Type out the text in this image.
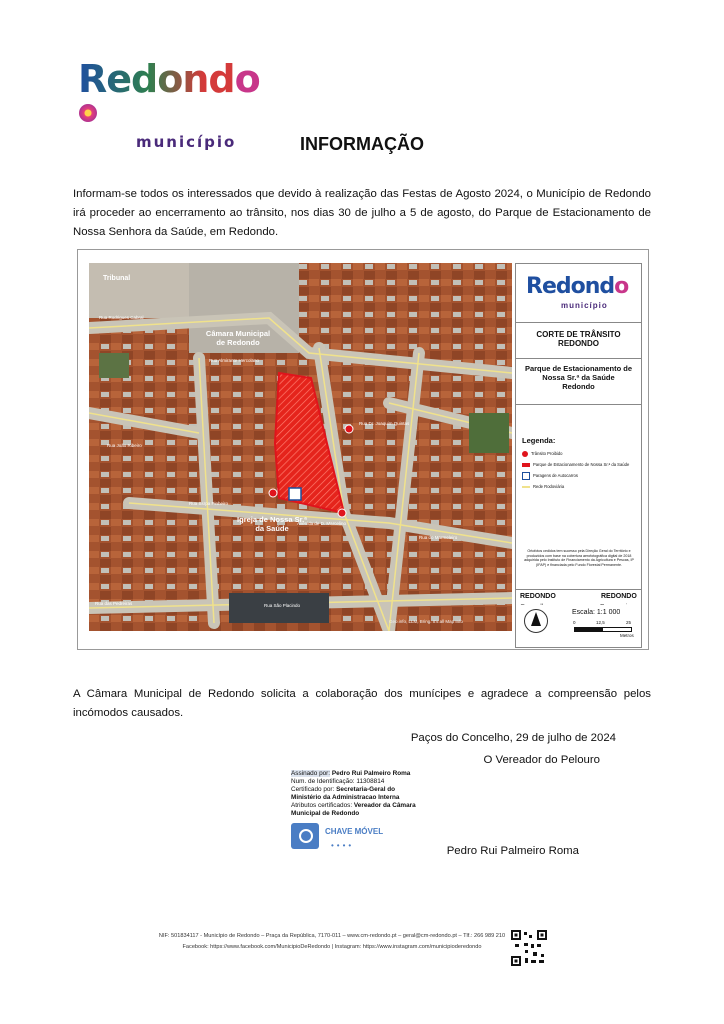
Redondo
município	INFORMAÇÃO
Informam-se todos os interessados que devido à realização das Festas de Agosto 2024, o Município de Redondo irá proceder ao encerramento ao trânsito, nos dias 30 de julho a 5 de agosto, do Parque de Estacionamento de Nossa Senhora da Saúde, em Redondo.
Tribunal
Câmara Municipal de Redondo
Igreja de Nossa Sr.ª da Saúde
Rua Almirante Hercolano
Rua Dr. Joaquim Quintas
Rua Ssrpa Pinheiro
Avenida de D. Marcelino
Rua do Marmeleiro
Rua das Pedreiras	Rua São Placindo
Rua Rodrigues Cabral
Rua João Ribeiro
Geo.info, LLM, Bring. It's all Map Info
Redondo
município
CORTE DE TRÂNSITO
REDONDO
Parque de Estacionamento de
Nossa Sr.ª da Saúde
Redondo
Legenda:
Trânsito Proibido
Parque de Estacionamento de Nossa Sr.ª da Saúde
Paragens de Autocarros
Rede Rodoviária
Ortofotos cedidos tem sucesso pela Direção Geral do Território e produzidos com base na cobertura aerofotográfica digital de 2018 adquirida pelo Instituto de Financiamento da Agricultura e Pescas, IP (IFAP) e financiada pelo Fundo Florestal Permanente.
REDONDO	REDONDO
Escala: 1:1 000
0	12,5	25
Metros
A Câmara Municipal de Redondo solicita a colaboração dos munícipes e agradece a compreensão pelos incómodos causados.
Paços do Concelho, 29 de julho de 2024
O Vereador do Pelouro
Assinado por: Pedro Rui Palmeiro Roma
Num. de Identificação: 11308814
Certificado por: Secretaria-Geral do Ministério da Administracao Interna
Atributos certificados: Vereador da Câmara Municipal de Redondo
CHAVE MÓVEL
••••	Pedro Rui Palmeiro Roma
NIF: 501834117 - Município de Redondo – Praça da República, 7170-011 – www.cm-redondo.pt – geral@cm-redondo.pt – Tlf.: 266 989 210
Facebook: https://www.facebook.com/MunicipioDeRedondo | Instagram: https://www.instagram.com/municipioderedondo
